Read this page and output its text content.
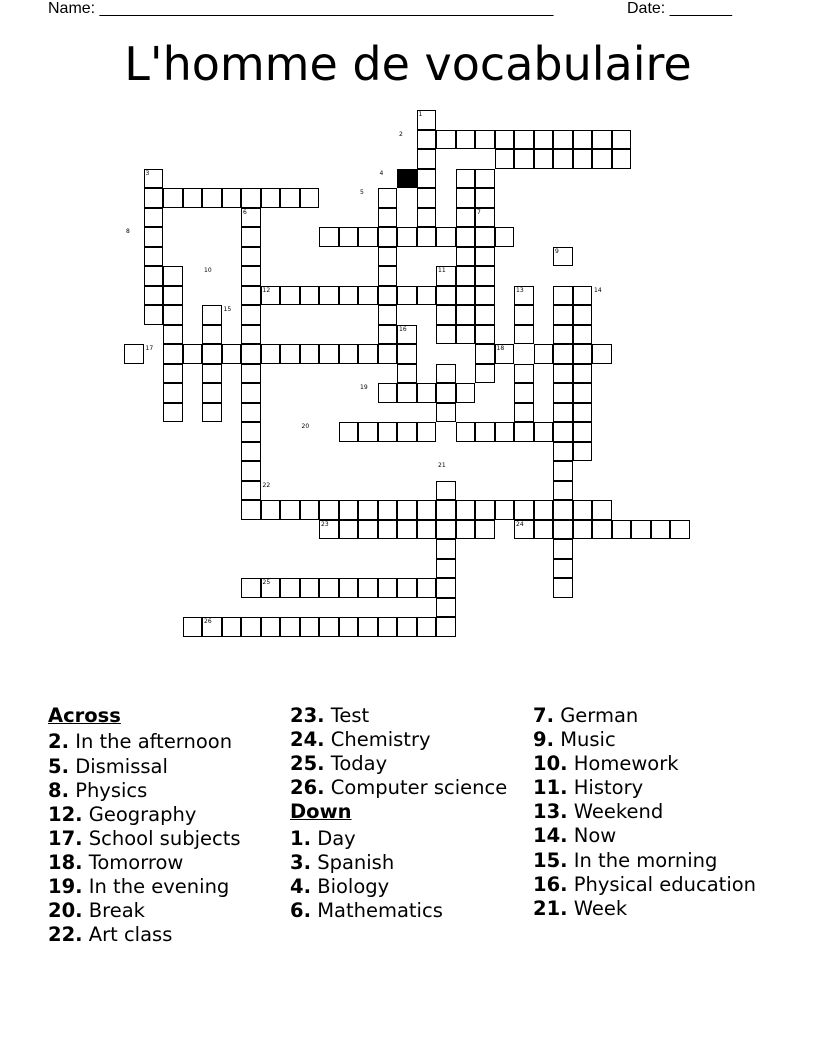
Name: ___________________________________________________	Date: _______
L'homme de vocabulaire
1
2
3	4
5
6	7
8
9
10	11
12	13	14
15
16
17	18
19
20
21
22
23	24
25
26
Across
2. In the afternoon
5. Dismissal
8. Physics
12. Geography
17. School subjects
18. Tomorrow
19. In the evening
20. Break
22. Art class
23. Test
24. Chemistry
25. Today
26. Computer science
Down
1. Day
3. Spanish
4. Biology
6. Mathematics
7. German
9. Music
10. Homework
11. History
13. Weekend
14. Now
15. In the morning
16. Physical education
21. Week
